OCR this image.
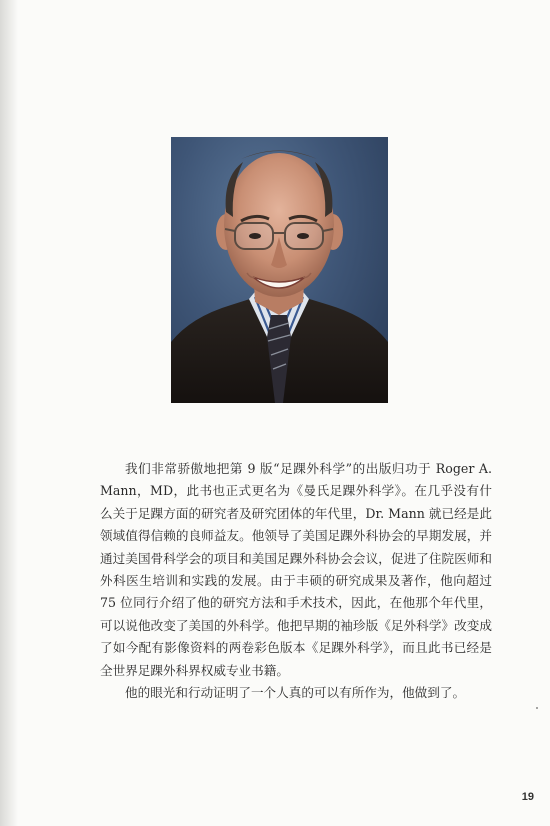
我们非常骄傲地把第 9 版“足踝外科学”的出版归功于 Roger A. Mann，MD，此书也正式更名为《曼氏足踝外科学》。在几乎没有什么关于足踝方面的研究者及研究团体的年代里，Dr. Mann 就已经是此领域值得信赖的良师益友。他领导了美国足踝外科协会的早期发展，并通过美国骨科学会的项目和美国足踝外科协会会议，促进了住院医师和外科医生培训和实践的发展。由于丰硕的研究成果及著作，他向超过 75 位同行介绍了他的研究方法和手术技术，因此，在他那个年代里，可以说他改变了美国的外科学。他把早期的袖珍版《足外科学》改变成了如今配有影像资料的两卷彩色版本《足踝外科学》，而且此书已经是全世界足踝外科界权威专业书籍。

他的眼光和行动证明了一个人真的可以有所作为，他做到了。

19
